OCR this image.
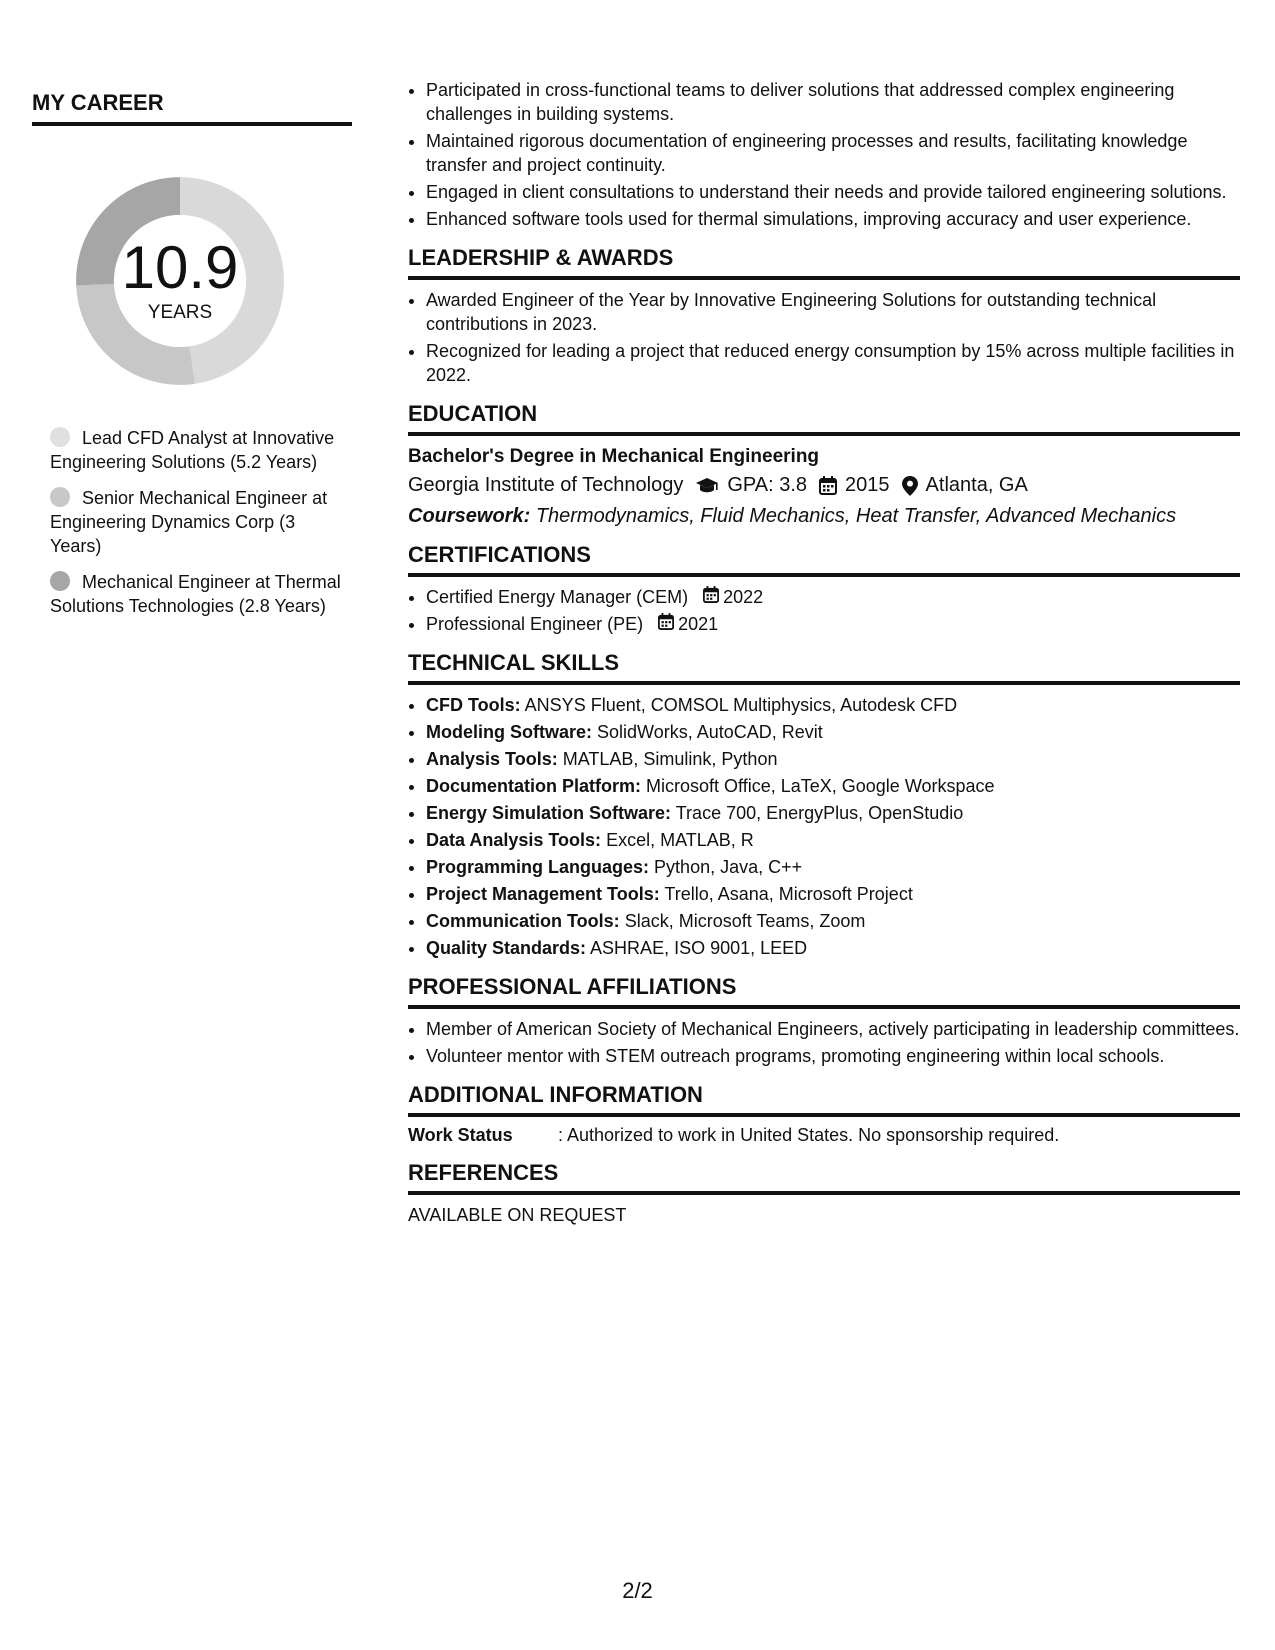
MY CAREER
10.9
YEARS
Lead CFD Analyst at Innovative Engineering Solutions (5.2 Years)
Senior Mechanical Engineer at Engineering Dynamics Corp (3 Years)
Mechanical Engineer at Thermal Solutions Technologies (2.8 Years)
• Participated in cross-functional teams to deliver solutions that addressed complex engineering challenges in building systems.
• Maintained rigorous documentation of engineering processes and results, facilitating knowledge transfer and project continuity.
• Engaged in client consultations to understand their needs and provide tailored engineering solutions.
• Enhanced software tools used for thermal simulations, improving accuracy and user experience.
LEADERSHIP & AWARDS
• Awarded Engineer of the Year by Innovative Engineering Solutions for outstanding technical contributions in 2023.
• Recognized for leading a project that reduced energy consumption by 15% across multiple facilities in 2022.
EDUCATION
Bachelor's Degree in Mechanical Engineering
Georgia Institute of Technology GPA: 3.8 2015 Atlanta, GA
Coursework: Thermodynamics, Fluid Mechanics, Heat Transfer, Advanced Mechanics
CERTIFICATIONS
• Certified Energy Manager (CEM) 2022
• Professional Engineer (PE) 2021
TECHNICAL SKILLS
• CFD Tools: ANSYS Fluent, COMSOL Multiphysics, Autodesk CFD
• Modeling Software: SolidWorks, AutoCAD, Revit
• Analysis Tools: MATLAB, Simulink, Python
• Documentation Platform: Microsoft Office, LaTeX, Google Workspace
• Energy Simulation Software: Trace 700, EnergyPlus, OpenStudio
• Data Analysis Tools: Excel, MATLAB, R
• Programming Languages: Python, Java, C++
• Project Management Tools: Trello, Asana, Microsoft Project
• Communication Tools: Slack, Microsoft Teams, Zoom
• Quality Standards: ASHRAE, ISO 9001, LEED
PROFESSIONAL AFFILIATIONS
• Member of American Society of Mechanical Engineers, actively participating in leadership committees.
• Volunteer mentor with STEM outreach programs, promoting engineering within local schools.
ADDITIONAL INFORMATION
Work Status	: Authorized to work in United States. No sponsorship required.
REFERENCES
AVAILABLE ON REQUEST
2/2
